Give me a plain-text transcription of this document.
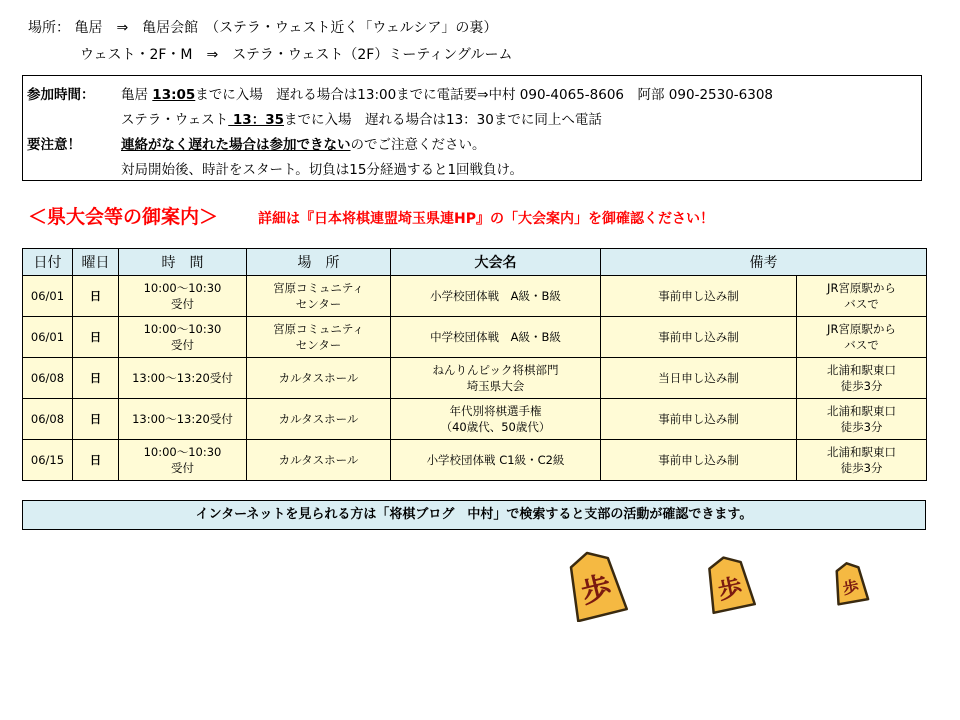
場所： 亀居　⇒　亀居会館　（ステラ・ウェスト近く「ウェルシア」の裏）
ウェスト・2F・M　⇒　ステラ・ウェスト（2F）ミーティングルーム
参加時間： 亀居 13:05までに入場　遅れる場合は13:00までに電話要⇒中村 090-4065-8606　阿部 090-2530-6308
ステラ・ウェスト 13：35までに入場　遅れる場合は13：30までに同上へ電話
要注意！	連絡がなく遅れた場合は参加できないのでご注意ください。
対局開始後、時計をスタート。切負は15分経過すると1回戦負け。
＜県大会等の御案内＞	詳細は『日本将棋連盟埼玉県連HP』の「大会案内」を御確認ください！
日付	曜日	時　間	場　所	大会名	備考	
06/01	日	10:00～10:30
受付	宮原コミュニティ
センター	小学校団体戦　A級・B級	事前申し込み制	JR宮原駅から
バスで
06/01	日	10:00～10:30
受付	宮原コミュニティ
センター	中学校団体戦　A級・B級	事前申し込み制	JR宮原駅から
バスで
06/08	日	13:00～13:20受付	カルタスホール	ねんりんピック将棋部門
埼玉県大会	当日申し込み制	北浦和駅東口
徒歩3分
06/08	日	13:00～13:20受付	カルタスホール	年代別将棋選手権
（40歳代、50歳代）	事前申し込み制	北浦和駅東口
徒歩3分
06/15	日	10:00～10:30
受付	カルタスホール	小学校団体戦 C1級・C2級	事前申し込み制	北浦和駅東口
徒歩3分
インターネットを見られる方は「将棋ブログ　中村」で検索すると支部の活動が確認できます。
歩	歩	歩
